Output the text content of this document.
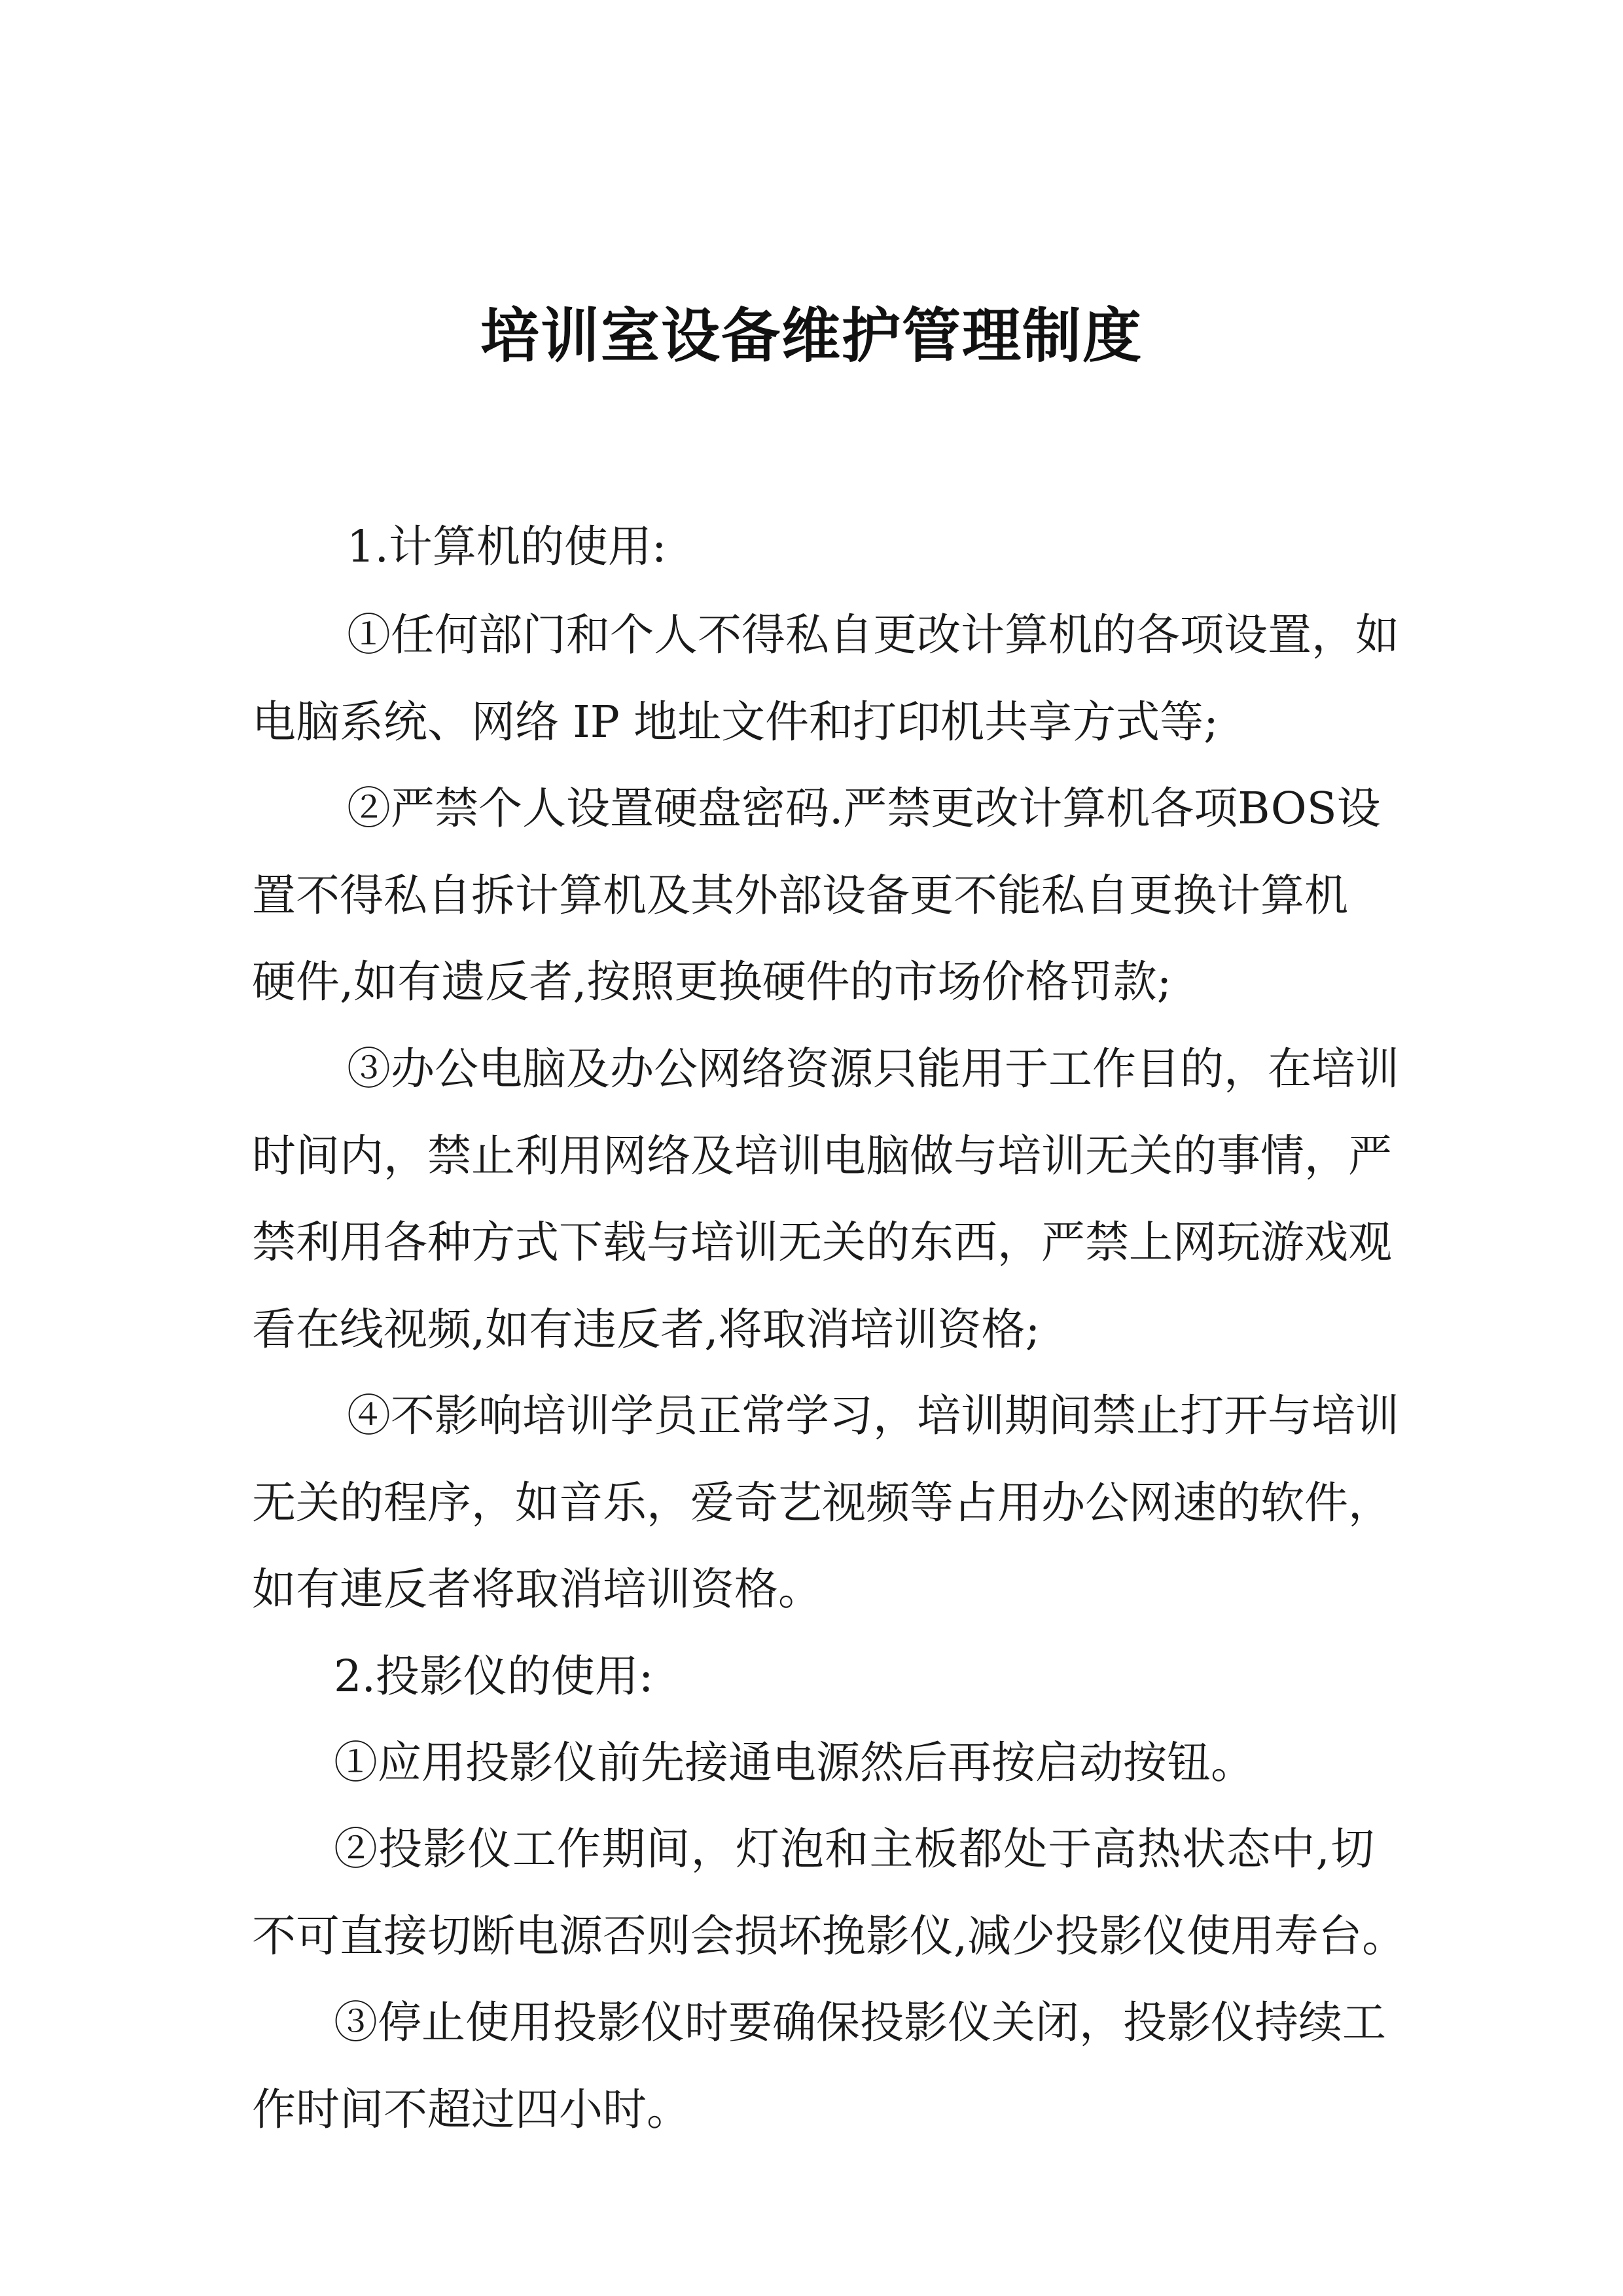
培训室设备维护管理制度

1.计算机的使用:

①任何部门和个人不得私自更改计算机的各项设置，如

电脑系统、网络 IP 地址文件和打印机共享方式等;

②严禁个人设置硬盘密码.严禁更改计算机各项BOS设

置不得私自拆计算机及其外部设备更不能私自更换计算机

硬件,如有遗反者,按照更换硬件的市场价格罚款;

③办公电脑及办公网络资源只能用于工作目的，在培训

时间内，禁止利用网络及培训电脑做与培训无关的事情，严

禁利用各种方式下载与培训无关的东西，严禁上网玩游戏观

看在线视频,如有违反者,将取消培训资格;

④不影响培训学员正常学习，培训期间禁止打开与培训

无关的程序，如音乐，爱奇艺视频等占用办公网速的软件，

如有連反者将取消培训资格。

2.投影仪的使用:

①应用投影仪前先接通电源然后再按启动按钮。

②投影仪工作期间，灯泡和主板都处于高热状态中,切

不可直接切断电源否则会损坏挽影仪,减少投影仪使用寿台。

③停止使用投影仪时要确保投影仪关闭，投影仪持续工

作时间不超过四小时。
